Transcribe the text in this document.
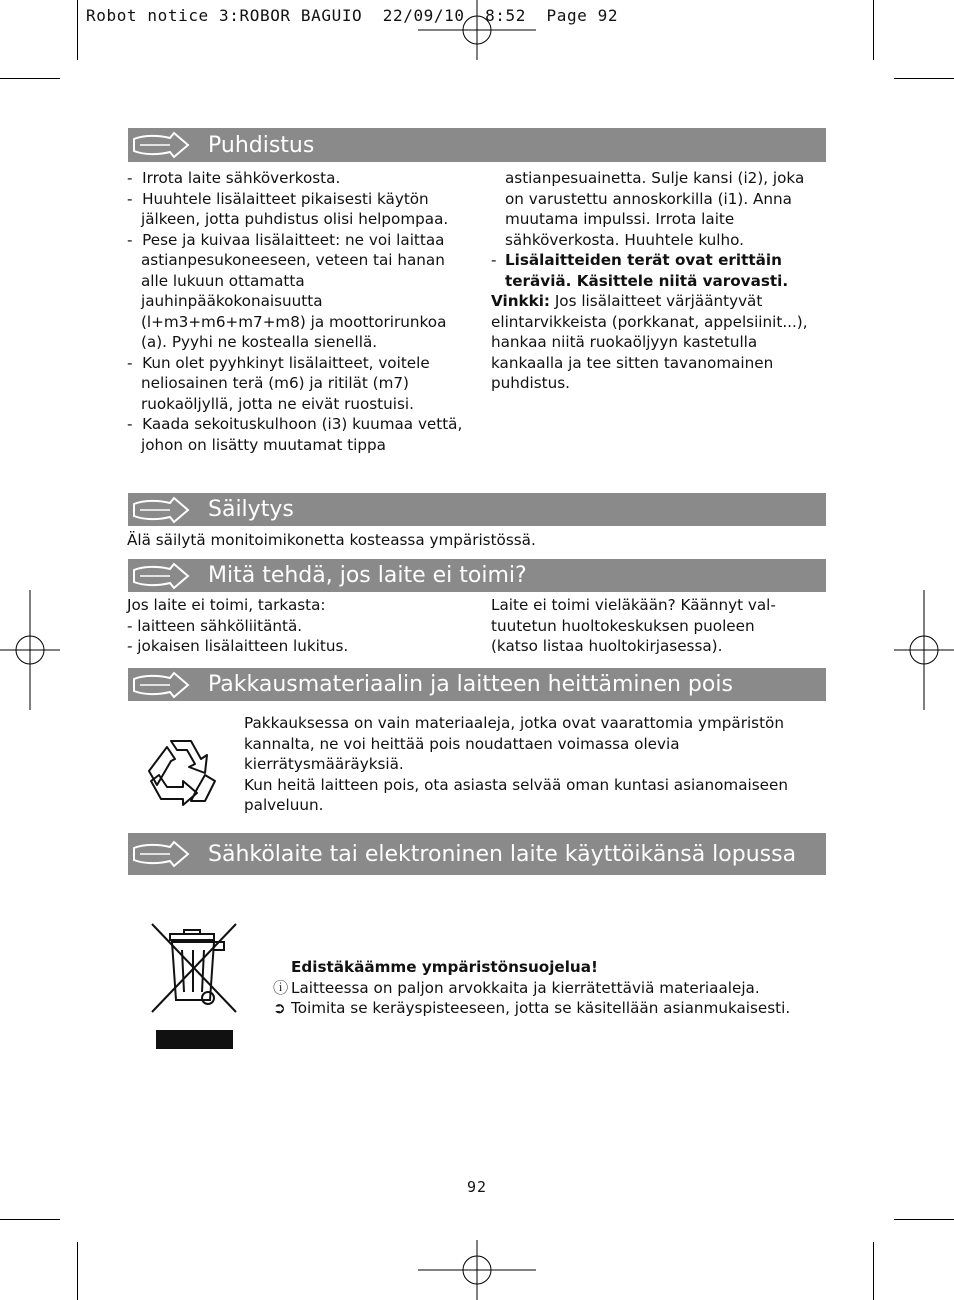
Robot notice 3:ROBOR BAGUIO  22/09/10  8:52  Page 92
Puhdistus
-  Irrota laite sähköverkosta.
-  Huuhtele lisälaitteet pikaisesti käytön jälkeen, jotta puhdistus olisi helpompaa.
-  Pese ja kuivaa lisälaitteet: ne voi laittaa astianpesukoneeseen, veteen tai hanan alle lukuun ottamatta jauhinpääkokonaisuutta (l+m3+m6+m7+m8) ja moottorirunkoa (a). Pyyhi ne kostealla sienellä.
-  Kun olet pyyhkinyt lisälaitteet, voitele neliosainen terä (m6) ja ritilät (m7) ruokaöljyllä, jotta ne eivät ruostuisi.
-  Kaada sekoituskulhoon (i3) kuumaa vettä, johon on lisätty muutamat tippa
astianpesuainetta. Sulje kansi (i2), joka on varustettu annoskorkilla (i1). Anna muutama impulssi. Irrota laite sähköverkosta. Huuhtele kulho.
- Lisälaitteiden terät ovat erittäin teräviä. Käsittele niitä varovasti.
Vinkki: Jos lisälaitteet värjääntyvät elintarvikkeista (porkkanat, appelsiinit...), hankaa niitä ruokaöljyyn kastetulla kankaalla ja tee sitten tavanomainen puhdistus.
Säilytys
Älä säilytä monitoimikonetta kosteassa ympäristössä.
Mitä tehdä, jos laite ei toimi?
Jos laite ei toimi, tarkasta:
- laitteen sähköliitäntä.
- jokaisen lisälaitteen lukitus.
Laite ei toimi vieläkään? Käännyt val-
tuutetun huoltokeskuksen puoleen
(katso listaa huoltokirjasessa).
Pakkausmateriaalin ja laitteen heittäminen pois
Pakkauksessa on vain materiaaleja, jotka ovat vaarattomia ympäristön kannalta, ne voi heittää pois noudattaen voimassa olevia kierrätysmääräyksiä.
Kun heitä laitteen pois, ota asiasta selvää oman kuntasi asianomaiseen palveluun.
Sähkölaite tai elektroninen laite käyttöikänsä lopussa
Edistäkäämme ympäristönsuojelua!
ⓘ Laitteessa on paljon arvokkaita ja kierrätettäviä materiaaleja.
➲ Toimita se keräyspisteeseen, jotta se käsitellään asianmukaisesti.
92
